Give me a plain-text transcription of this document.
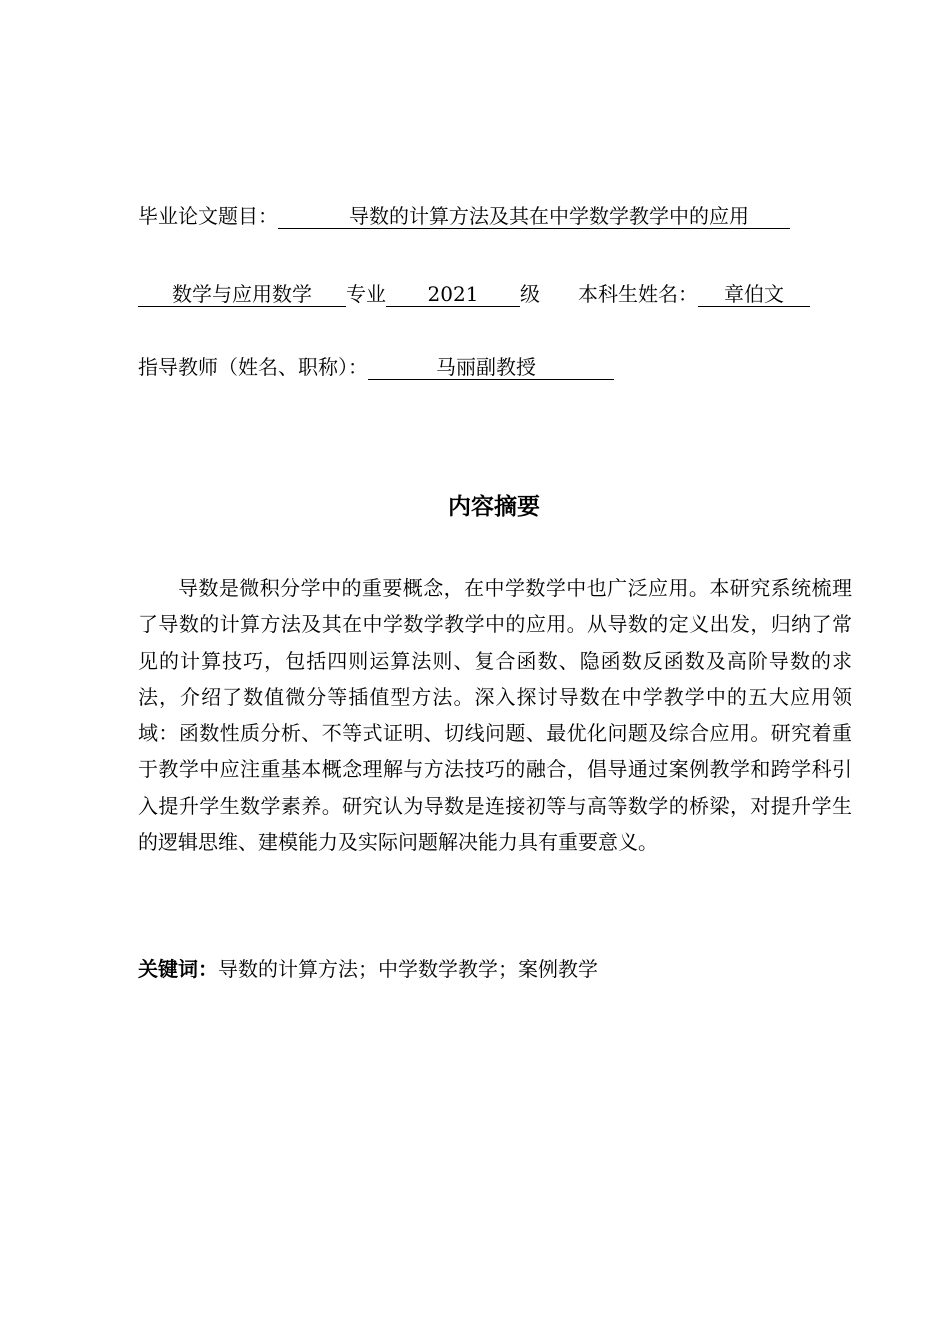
毕业论文题目：	导数的计算方法及其在中学数学教学中的应用
数学与应用数学 专业 2021 级 本科生姓名： 章伯文
指导教师（姓名、职称）：	马丽副教授
内容摘要

导数是微积分学中的重要概念，在中学数学中也广泛应用。本研究系统梳理了导数的计算方法及其在中学数学教学中的应用。从导数的定义出发，归纳了常见的计算技巧，包括四则运算法则、复合函数、隐函数反函数及高阶导数的求法，介绍了数值微分等插值型方法。深入探讨导数在中学教学中的五大应用领域：函数性质分析、不等式证明、切线问题、最优化问题及综合应用。研究着重于教学中应注重基本概念理解与方法技巧的融合，倡导通过案例教学和跨学科引入提升学生数学素养。研究认为导数是连接初等与高等数学的桥梁，对提升学生的逻辑思维、建模能力及实际问题解决能力具有重要意义。

关键词：导数的计算方法；中学数学教学；案例教学
